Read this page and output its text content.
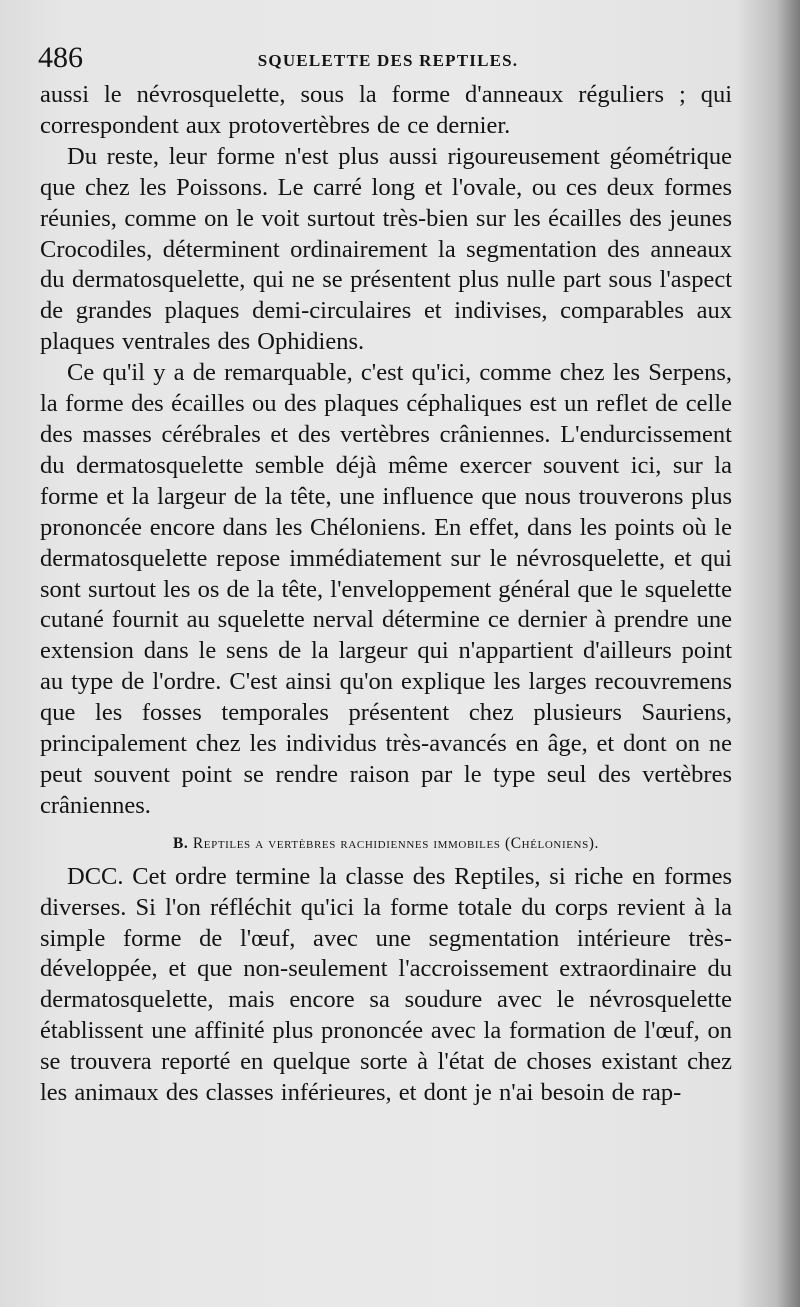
486	SQUELETTE DES REPTILES.

aussi le névrosquelette, sous la forme d'anneaux réguliers ; qui correspondent aux protovertèbres de ce dernier.

Du reste, leur forme n'est plus aussi rigoureusement géométrique que chez les Poissons. Le carré long et l'ovale, ou ces deux formes réunies, comme on le voit surtout très-bien sur les écailles des jeunes Crocodiles, déterminent ordinairement la segmentation des anneaux du dermatosquelette, qui ne se présentent plus nulle part sous l'aspect de grandes plaques demi-circulaires et indivises, comparables aux plaques ventrales des Ophidiens.

Ce qu'il y a de remarquable, c'est qu'ici, comme chez les Serpens, la forme des écailles ou des plaques céphaliques est un reflet de celle des masses cérébrales et des vertèbres crâniennes. L'endurcissement du dermatosquelette semble déjà même exercer souvent ici, sur la forme et la largeur de la tête, une influence que nous trouverons plus prononcée encore dans les Chéloniens. En effet, dans les points où le dermatosquelette repose immédiatement sur le névrosquelette, et qui sont surtout les os de la tête, l'enveloppement général que le squelette cutané fournit au squelette nerval détermine ce dernier à prendre une extension dans le sens de la largeur qui n'appartient d'ailleurs point au type de l'ordre. C'est ainsi qu'on explique les larges recouvremens que les fosses temporales présentent chez plusieurs Sauriens, principalement chez les individus très-avancés en âge, et dont on ne peut souvent point se rendre raison par le type seul des vertèbres crâniennes.

B. Reptiles a vertèbres rachidiennes immobiles (Chéloniens).

DCC. Cet ordre termine la classe des Reptiles, si riche en formes diverses. Si l'on réfléchit qu'ici la forme totale du corps revient à la simple forme de l'œuf, avec une segmentation intérieure très-développée, et que non-seulement l'accroissement extraordinaire du dermatosquelette, mais encore sa soudure avec le névrosquelette établissent une affinité plus prononcée avec la formation de l'œuf, on se trouvera reporté en quelque sorte à l'état de choses existant chez les animaux des classes inférieures, et dont je n'ai besoin de rap-
